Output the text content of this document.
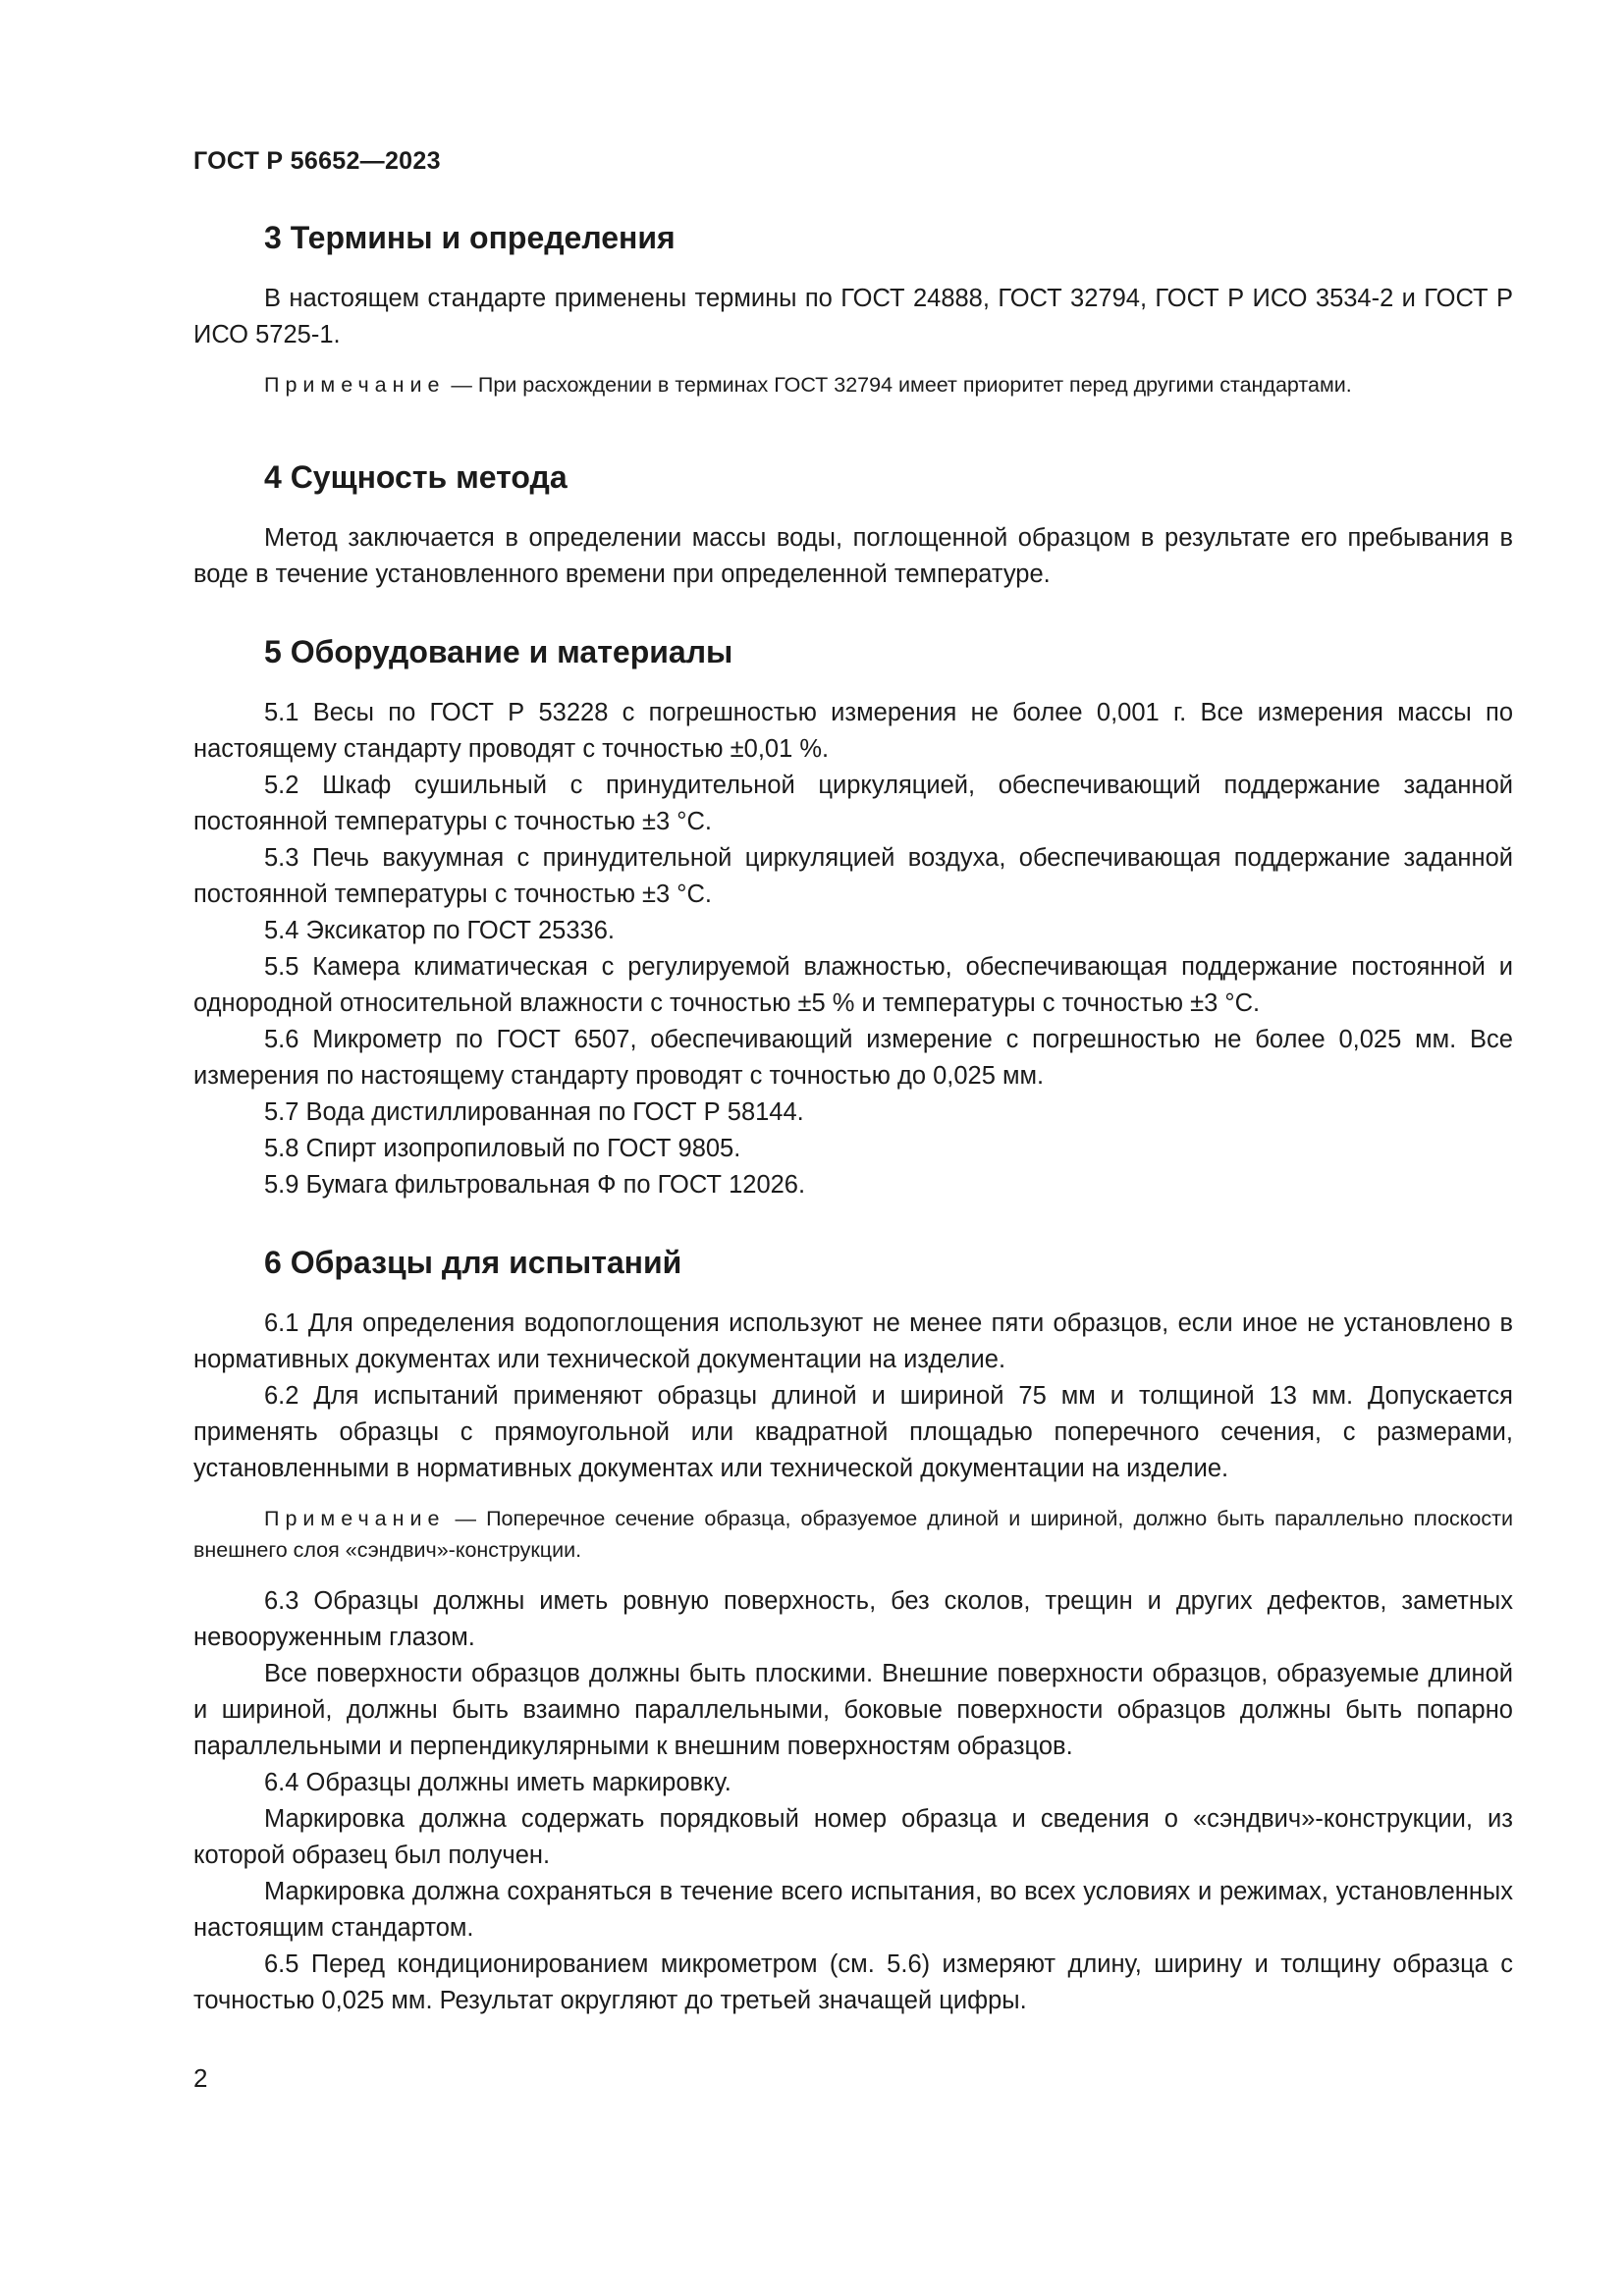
ГОСТ Р 56652—2023
3 Термины и определения

В настоящем стандарте применены термины по ГОСТ 24888, ГОСТ 32794, ГОСТ Р ИСО 3534-2 и ГОСТ Р ИСО 5725-1.

Примечание — При расхождении в терминах ГОСТ 32794 имеет приоритет перед другими стандартами.
4 Сущность метода

Метод заключается в определении массы воды, поглощенной образцом в результате его пребывания в воде в течение установленного времени при определенной температуре.

5 Оборудование и материалы

5.1 Весы по ГОСТ Р 53228 с погрешностью измерения не более 0,001 г. Все измерения массы по настоящему стандарту проводят с точностью ±0,01 %.

5.2 Шкаф сушильный с принудительной циркуляцией, обеспечивающий поддержание заданной постоянной температуры с точностью ±3 °С.

5.3 Печь вакуумная с принудительной циркуляцией воздуха, обеспечивающая поддержание заданной постоянной температуры с точностью ±3 °С.

5.4 Эксикатор по ГОСТ 25336.

5.5 Камера климатическая с регулируемой влажностью, обеспечивающая поддержание постоянной и однородной относительной влажности с точностью ±5 % и температуры с точностью ±3 °С.

5.6 Микрометр по ГОСТ 6507, обеспечивающий измерение с погрешностью не более 0,025 мм. Все измерения по настоящему стандарту проводят с точностью до 0,025 мм.

5.7 Вода дистиллированная по ГОСТ Р 58144.

5.8 Спирт изопропиловый по ГОСТ 9805.

5.9 Бумага фильтровальная Ф по ГОСТ 12026.

6 Образцы для испытаний

6.1 Для определения водопоглощения используют не менее пяти образцов, если иное не установлено в нормативных документах или технической документации на изделие.

6.2 Для испытаний применяют образцы длиной и шириной 75 мм и толщиной 13 мм. Допускается применять образцы с прямоугольной или квадратной площадью поперечного сечения, с размерами, установленными в нормативных документах или технической документации на изделие.

Примечание — Поперечное сечение образца, образуемое длиной и шириной, должно быть параллельно плоскости внешнего слоя «сэндвич»-конструкции.

6.3 Образцы должны иметь ровную поверхность, без сколов, трещин и других дефектов, заметных невооруженным глазом.

Все поверхности образцов должны быть плоскими. Внешние поверхности образцов, образуемые длиной и шириной, должны быть взаимно параллельными, боковые поверхности образцов должны быть попарно параллельными и перпендикулярными к внешним поверхностям образцов.

6.4 Образцы должны иметь маркировку.

Маркировка должна содержать порядковый номер образца и сведения о «сэндвич»-конструкции, из которой образец был получен.

Маркировка должна сохраняться в течение всего испытания, во всех условиях и режимах, установленных настоящим стандартом.

6.5 Перед кондиционированием микрометром (см. 5.6) измеряют длину, ширину и толщину образца с точностью 0,025 мм. Результат округляют до третьей значащей цифры.

2
